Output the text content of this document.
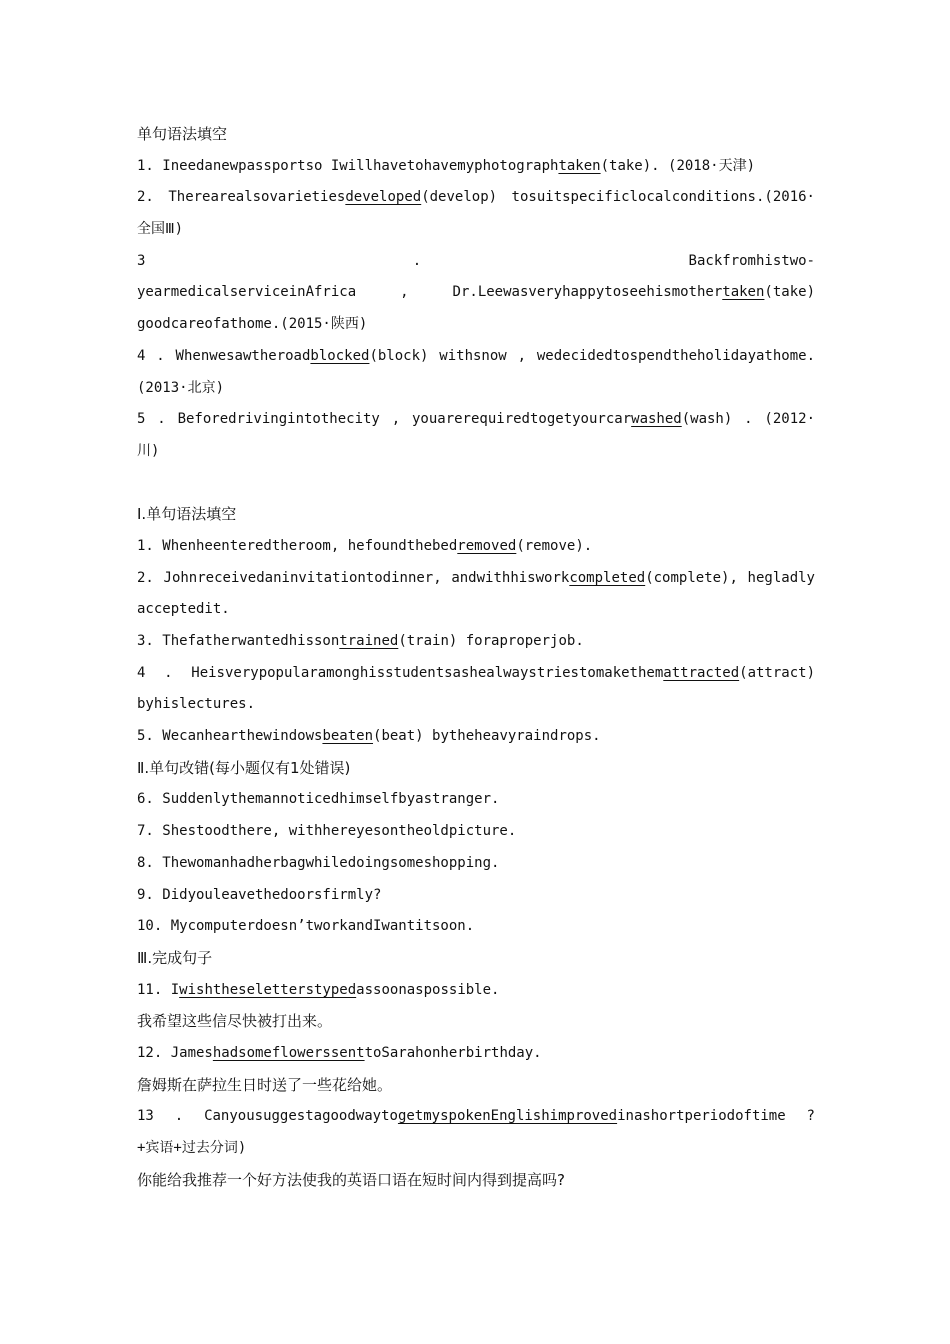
单句语法填空
1. Ineedanewpassportso Iwillhavetohavemyphotographtaken(take). (2018·天津)
2. Therearealsovarietiesdeveloped(develop) tosuitspecificlocalconditions.(2016·
全国Ⅲ)
3 . Backfromhistwo-
yearmedicalserviceinAfrica , Dr.Leewasveryhappytoseehismothertaken(take)
goodcareofathome.(2015·陕西)
4 . Whenwesawtheroadblocked(block) withsnow , wedecidedtospendtheholidayathome.
(2013·北京)
5 . Beforedrivingintothecity , youarerequiredtogetyourcarwashed(wash) . (2012·
川)
Ⅰ.单句语法填空
1. Whenheenteredtheroom, hefoundthebedremoved(remove).
2. Johnreceivedaninvitationtodinner, andwithhisworkcompleted(complete), hegladly
acceptedit.
3. Thefatherwantedhissontrained(train) foraproperjob.
4 . Heisverypopularamonghisstudentsashealwaystriestomakethemattracted(attract)
byhislectures.
5. Wecanhearthewindowsbeaten(beat) bytheheavyraindrops.
Ⅱ.单句改错(每小题仅有1处错误)
6. Suddenlythemannoticedhimselfbyastranger.
7. Shestoodthere, withhereyesontheoldpicture.
8. Thewomanhadherbagwhiledoingsomeshopping.
9. Didyouleavethedoorsfirmly?
10. Mycomputerdoesn’tworkandIwantitsoon.
Ⅲ.完成句子
11. Iwishtheseletterstypedassoonaspossible.
我希望这些信尽快被打出来。
12. JameshadsomeflowerssenttoSarahonherbirthday.
詹姆斯在萨拉生日时送了一些花给她。
13 . CanyousuggestagoodwaytogetmyspokenEnglishimprovedinashortperiodoftime ?
+宾语+过去分词)
你能给我推荐一个好方法使我的英语口语在短时间内得到提高吗?
